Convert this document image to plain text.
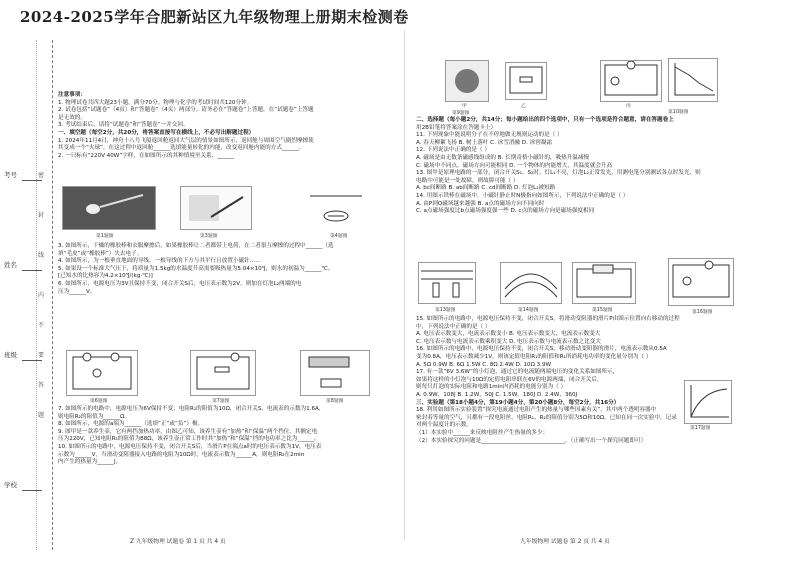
2024-2025学年合肥新站区九年级物理上册期末检测卷
考号
姓名
班级
学校
密
封
线
内
不
要
答
题

注意事项：

1. 物理试卷共四大题23小题，满分70分。物理与化学的考试时间共120分钟。

2. 试卷包括“试题卷”（4页）和“答题卷”（4页）两部分。请务必在“答题卷”上答题，在“试题卷”上答题

是无效的。

3. 考试结束后，请将“试题卷”和“答题卷”一并交回。

一、填空题（每空2分，共20分，将答案直接写在横线上，不必写出解题过程）

1. 2024年11月4日，神舟十八号飞船返回舱返回大气层的情景如图所示，返回舱与周围空气剧烈摩擦使

其变成一个“火球”，在这过程中返回舱______选填能量转化的内能，改变返回舱内能的方式______。

2. 一只标有“220V 40W”字样，在如图所示的其种情境至关系，______

第1题图	第3题图	第4题图

3. 如图所示，干燥的橡胶棒和衣服摩擦后，如果橡胶棒让二者都带上电荷，在二者很互摩擦的过程中______（选

填“毛皮”或“橡胶棒”）失去电子。

4. 如图所示，为一根垂直地面的导线。一根导线的下方与其平行且放置小磁针……

5. 如果设一个标准大气压下，将质量为1.5kg的水温度升高需要吸热量为5.04×10⁵J，则水的初温为______℃。

[已知水的比热容为4.2×10³J/(kg·℃)]

6. 如图所示，电源电压为3V且保持不变，闭合开关S后，电压表示数为2V，则加在灯泡L₂两端的电

压为______V。

第6题图	第7题图	第8题图

7. 如图所示的电路中，电源电压为6V保持不变，电阻R₁的阻值为10Ω，闭合开关S，电流表的示数为1.6A，

则电阻R₂的阻值为______Ω。

8. 如图所示，电源的a端为______（选填“正”或“负”）极。

9. 图甲是一款养生壶，它有两挡加热功率，由图乙可知，该养生壶有“加热”和“保温”两个挡位，其额定电

压为220V，已知电阻R₁的阻值为88Ω，该养生壶正常工作时其“加热”和“保温”挡的电功率之比为______。

10. 如图所示的电路中，电源电压保持不变，闭合开关S后，当滑片P在端点a时的电压表示数为1V，电压表

示数为______V，当滑动变阻器接入电路的电阻为10Ω时，电流表示数为______A，则电阻R₂在2min

内产生的热量为______J。

Z 九年级物理 试题卷 第 1 页 共 4 页
甲	乙
第9题图
丙
第10题图

二、选择题（每小题2分，共14分；每小题给出的四个选项中，只有一个选项是符合题意，请在答题卷上

用2B铅笔将答案涂在答题卡上）

11. 下列现象中能说明分子在不停地做无规则运动的是（ ）

A. 春天柳絮飞扬 B. 树上落叶 C. 冰雪消融 D. 冰窖凝霜

12. 下列说法中正确的是（ ）

A. 磁场是由无数条磁感线组成的 B. 长期奇格小磁针的，吸热升温减慢

C. 磁场中不同点，磁场方向可能相同 D. 一个物体的内能增大，其温度就会升高

13. 图甲是原理电路的一部分，闭合开关S₁、S₂时，灯L₁不亮，灯泡L₂正常发光，用测电笔分别测试各点时发光，则

电路中可能是一处故障，则故障可能（ ）

A. bc间断路 B. ab间断路 C. cd间断路 D. 灯泡L₁被短路

14. 用图示铁棒在磁场中，小磁针静止时N极指向如图所示，下列说法中正确的是（ ）

A. 由P到Q磁场越来越强 B. a点的磁场方向不同向时

C. a点磁场强度比b点磁场强度强一些 D. c点的磁场方向是磁场强度相同

第13题图	第14题图	第15题图	第16题图

15. 如图所示的电路中，电源电压保持不变，闭合开关S，将滑动变阻器的滑片P由图示位置向右移动的过程

中，下列说法中正确的是（ ）

A. 电压表示数变大，电流表示数变小 B. 电压表示数变大，电流表示数变大

C. 电压表示数与电流表示数乘积变大 D. 电压表示数与电流表示数之比变大

16. 如图所示的电路中，电源电压保持不变，闭合开关S，移动滑动变阻器的滑片，电流表示数从0.5A

变为0.8A，电压表示数减少1V，则该定值电阻R₁的阻值和R₁所消耗电功率的变化量分别为（ ）

A. 5Ω 0.9W B. 6Ω 1.5W C. 8Ω 2.4W D. 10Ω 3.9W

17. 有一款“6V 3.6W”的小灯泡，通过它的电流随两端电压的变化关系如图所示，

如果将这样的小灯泡与10Ω的定值电阻串联在6V的电源两端，闭合开关后，

则每只灯泡的实际电阻和电路1min内消耗的电能分别为（ ）

A. 0.9W，108J B. 1.2W，50J C. 1.5W，180J D. 2.4W，360J

三、实验题（第18小题4分，第19小题4分，第20小题8分，每空2分，共16分）

18. 利用如图所示实验装置“探究电流通过电阻产生的热量与哪些因素有关”，其中两个透明容器中

密封着等量的空气，且都有一段电阻丝，电阻R₁、R₂的阻值分别为5Ω和10Ω。已知在同一次实验中，记录

对两个温度计的示数。

（1）本实验中______来反映电阻丝产生热量的多少；

（2）本实验探究的问题是______________________________。（正确写出一个探究问题即可）

第17题图
九年级物理 试题卷 第 2 页 共 4 页
